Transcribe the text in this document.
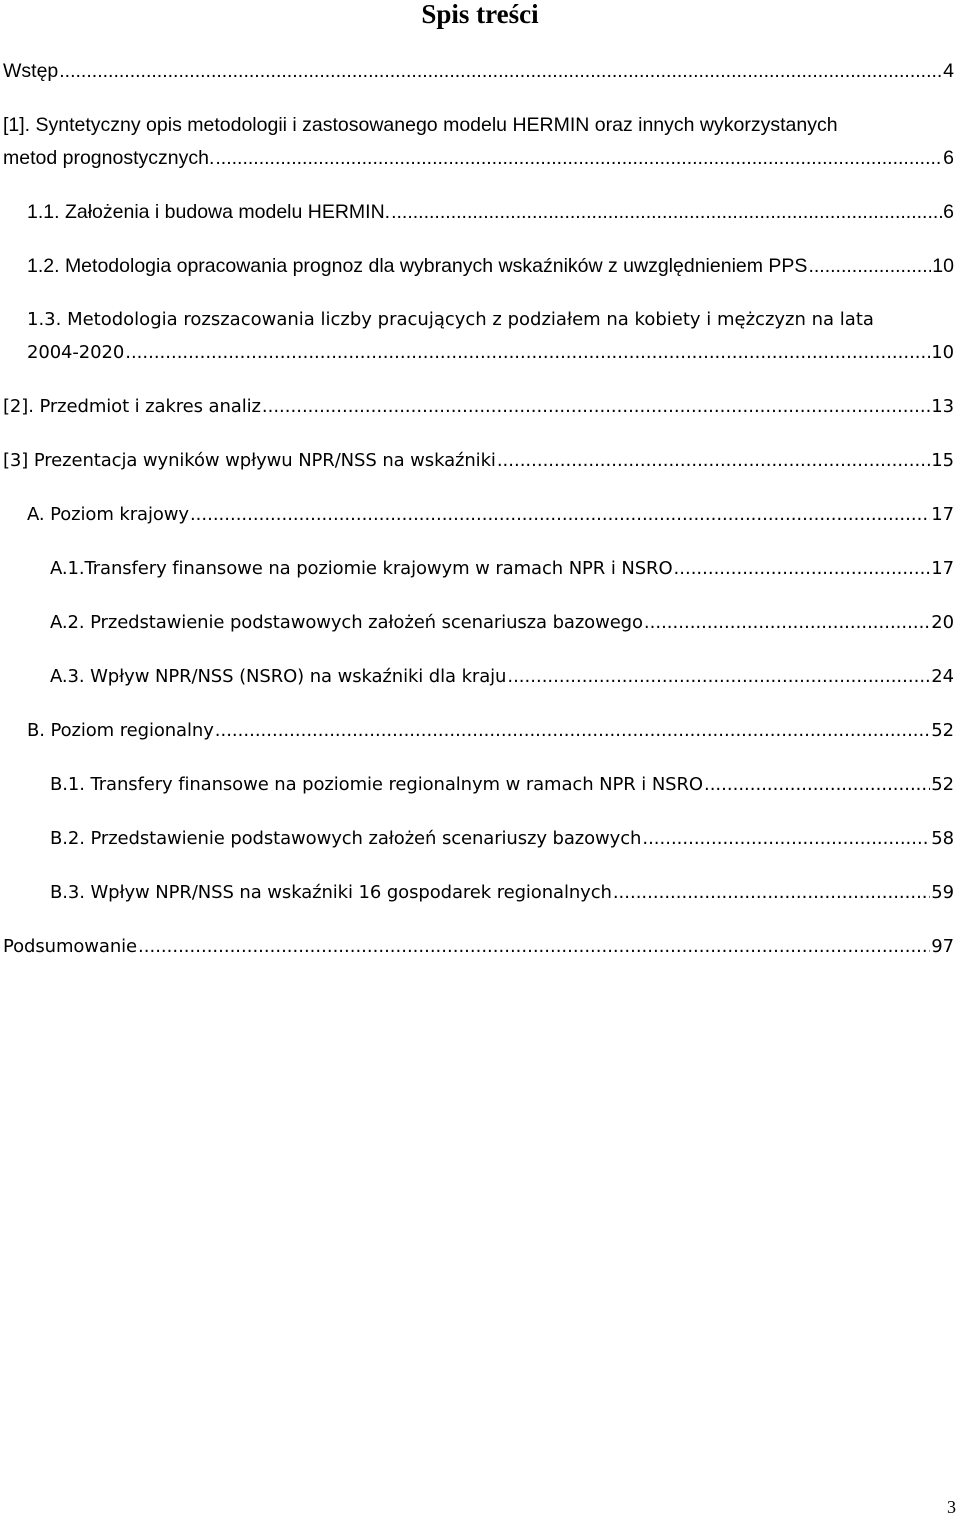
Spis treści
Wstęp .....	4
[1]. Syntetyczny opis metodologii i zastosowanego modelu HERMIN oraz innych wykorzystanych
metod prognostycznych. .....	6
1.1. Założenia i budowa modelu HERMIN. .....	6
1.2. Metodologia opracowania prognoz dla wybranych wskaźników z uwzględnieniem PPS .....	10
1.3. Metodologia rozszacowania liczby pracujących z podziałem na kobiety i mężczyzn na lata
2004-2020 .....	10
[2]. Przedmiot i zakres analiz .....	13
[3] Prezentacja wyników wpływu NPR/NSS na wskaźniki .....	15
A. Poziom krajowy .....	17
A.1.Transfery finansowe na poziomie krajowym w ramach NPR i NSRO .....	17
A.2. Przedstawienie podstawowych założeń scenariusza bazowego .....	20
A.3. Wpływ NPR/NSS (NSRO) na wskaźniki dla kraju .....	24
B. Poziom regionalny .....	52
B.1. Transfery finansowe na poziomie regionalnym w ramach NPR i NSRO .....	52
B.2. Przedstawienie podstawowych założeń scenariuszy bazowych .....	58
B.3. Wpływ NPR/NSS na wskaźniki 16 gospodarek regionalnych .....	59
Podsumowanie .....	97
3
